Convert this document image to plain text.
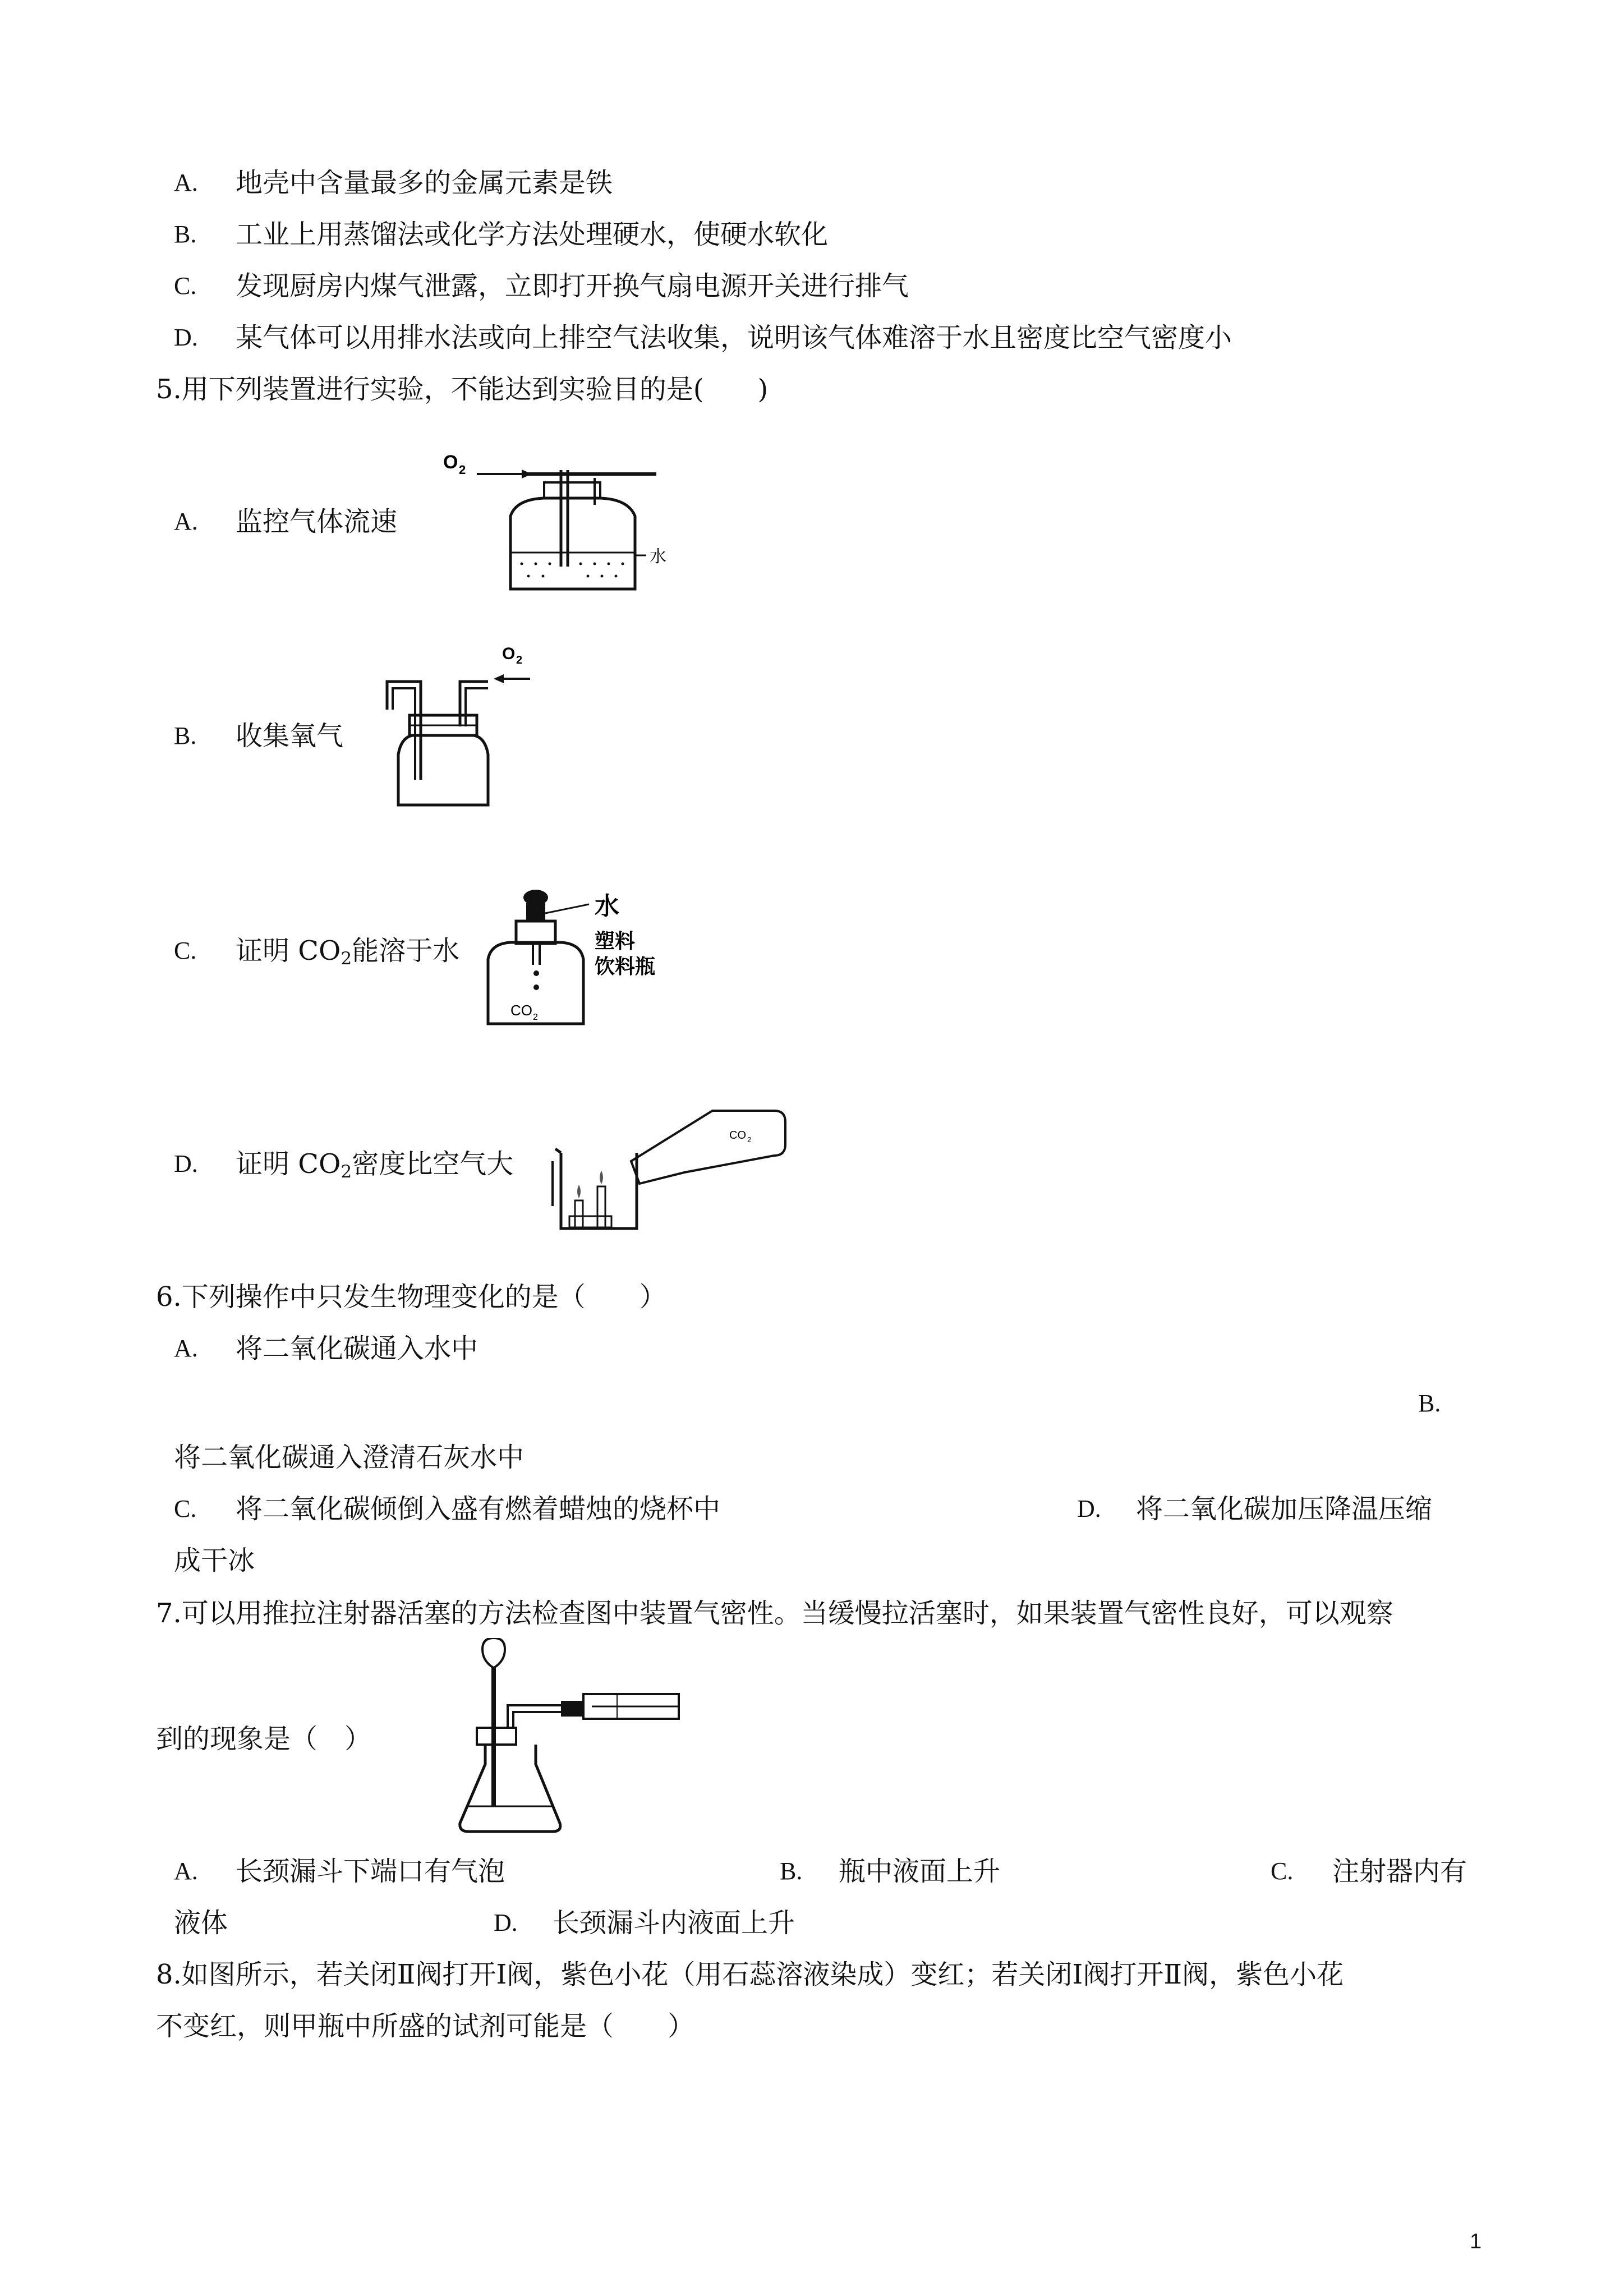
A. 地壳中含量最多的金属元素是铁
B. 工业上用蒸馏法或化学方法处理硬水，使硬水软化
C. 发现厨房内煤气泄露，立即打开换气扇电源开关进行排气
D. 某气体可以用排水法或向上排空气法收集，说明该气体难溶于水且密度比空气密度小
5.用下列装置进行实验，不能达到实验目的是(　　)
A. 监控气体流速
O 2
水
B. 收集氧气
O 2
C. 证明 $CO_2$能溶于水
CO 2
水
塑料
饮料瓶
D. 证明 $CO_2$密度比空气大
CO 2
6.下列操作中只发生物理变化的是（　　）
A. 将二氧化碳通入水中
B.
将二氧化碳通入澄清石灰水中
C. 将二氧化碳倾倒入盛有燃着蜡烛的烧杯中	D. 将二氧化碳加压降温压缩
成干冰
7.可以用推拉注射器活塞的方法检查图中装置气密性。当缓慢拉活塞时，如果装置气密性良好，可以观察
到的现象是（　）
A. 长颈漏斗下端口有气泡	B. 瓶中液面上升	C. 注射器内有
液体	D. 长颈漏斗内液面上升
8.如图所示，若关闭Ⅱ阀打开Ⅰ阀，紫色小花（用石蕊溶液染成）变红；若关闭Ⅰ阀打开Ⅱ阀，紫色小花
不变红，则甲瓶中所盛的试剂可能是（　　）
1
